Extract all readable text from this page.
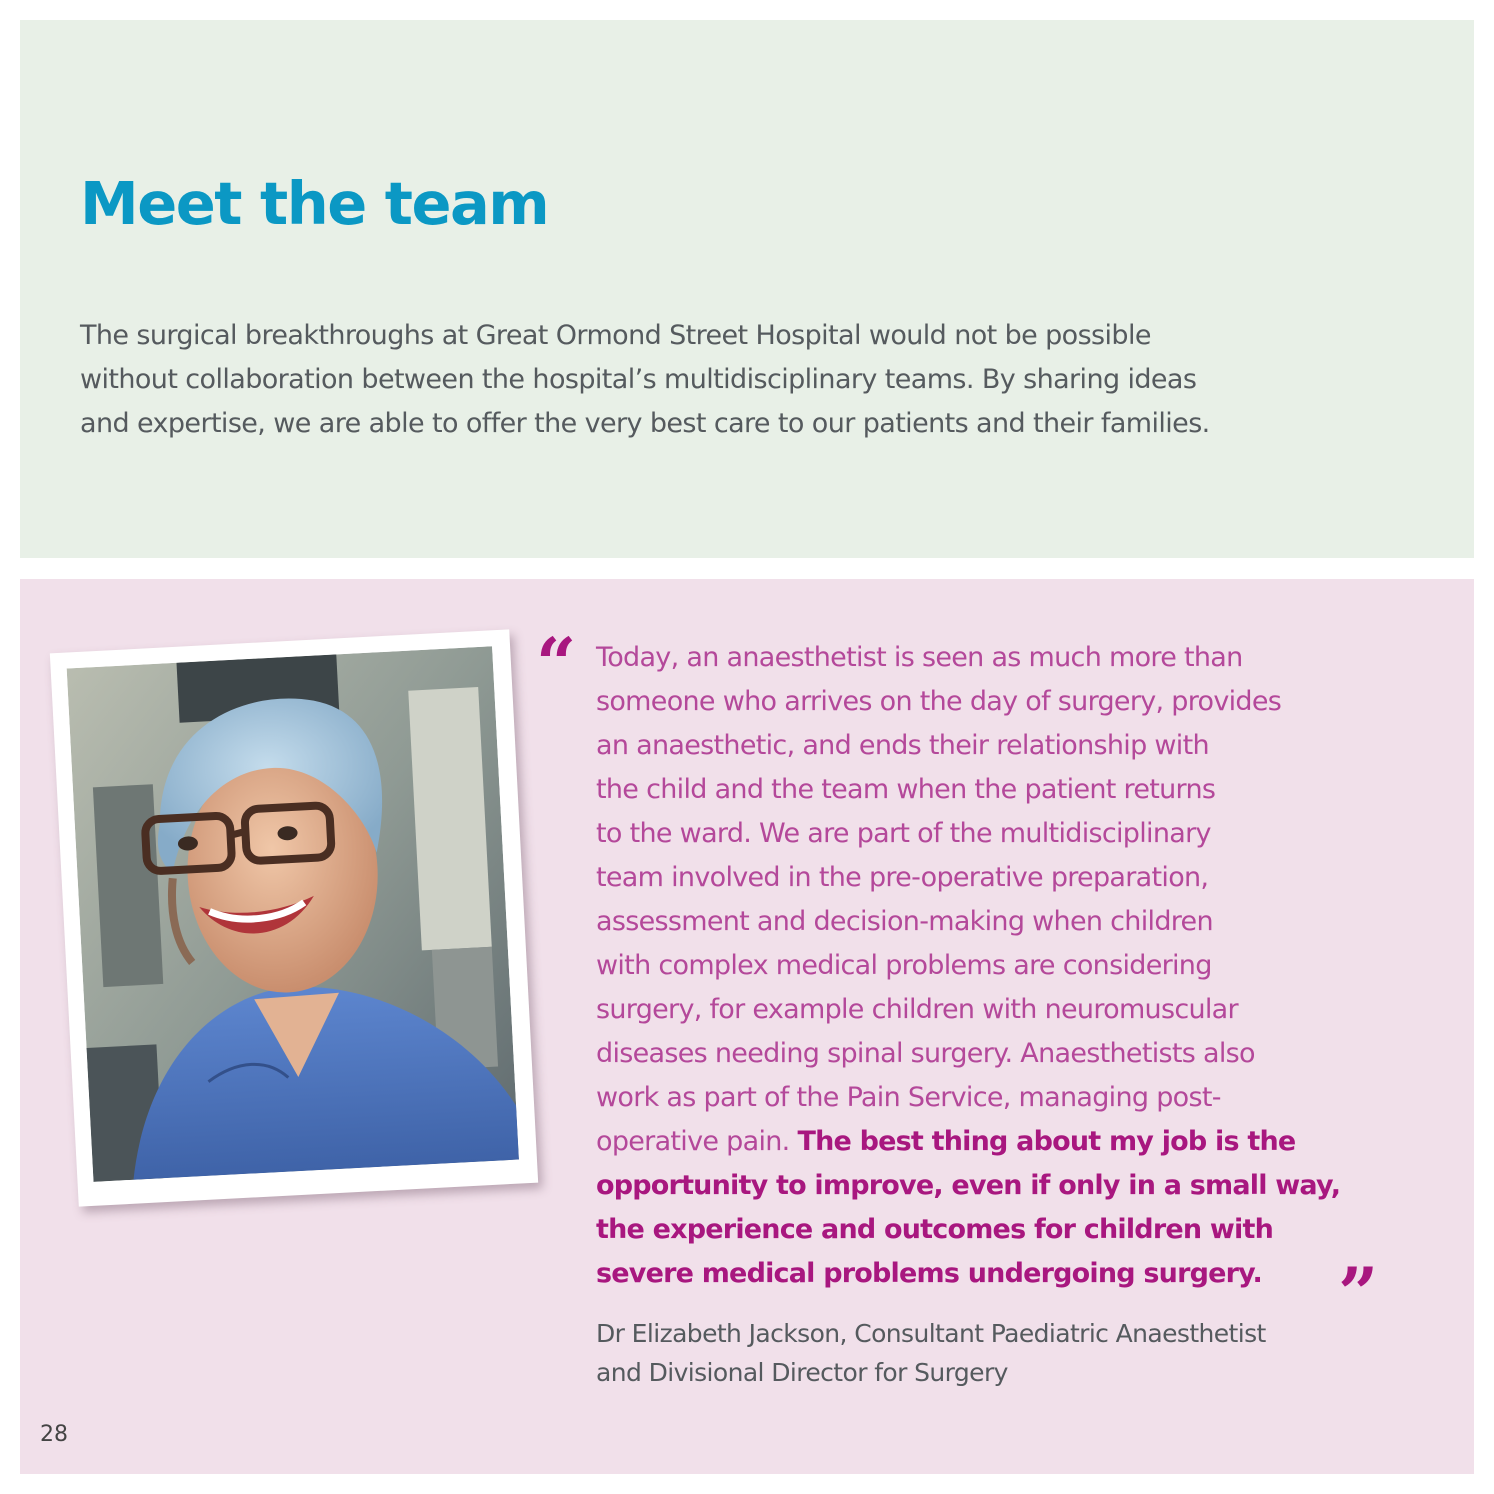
Meet the team

The surgical breakthroughs at Great Ormond Street Hospital would not be possible without collaboration between the hospital’s multidisciplinary teams. By sharing ideas and expertise, we are able to offer the very best care to our patients and their families.

“ Today, an anaesthetist is seen as much more than
someone who arrives on the day of surgery, provides
an anaesthetic, and ends their relationship with
the child and the team when the patient returns
to the ward. We are part of the multidisciplinary
team involved in the pre-operative preparation,
assessment and decision-making when children
with complex medical problems are considering
surgery, for example children with neuromuscular
diseases needing spinal surgery. Anaesthetists also
work as part of the Pain Service, managing post-
operative pain. The best thing about my job is the
opportunity to improve, even if only in a small way,
the experience and outcomes for children with
severe medical problems undergoing surgery.	”

Dr Elizabeth Jackson, Consultant Paediatric Anaesthetist
and Divisional Director for Surgery

28
